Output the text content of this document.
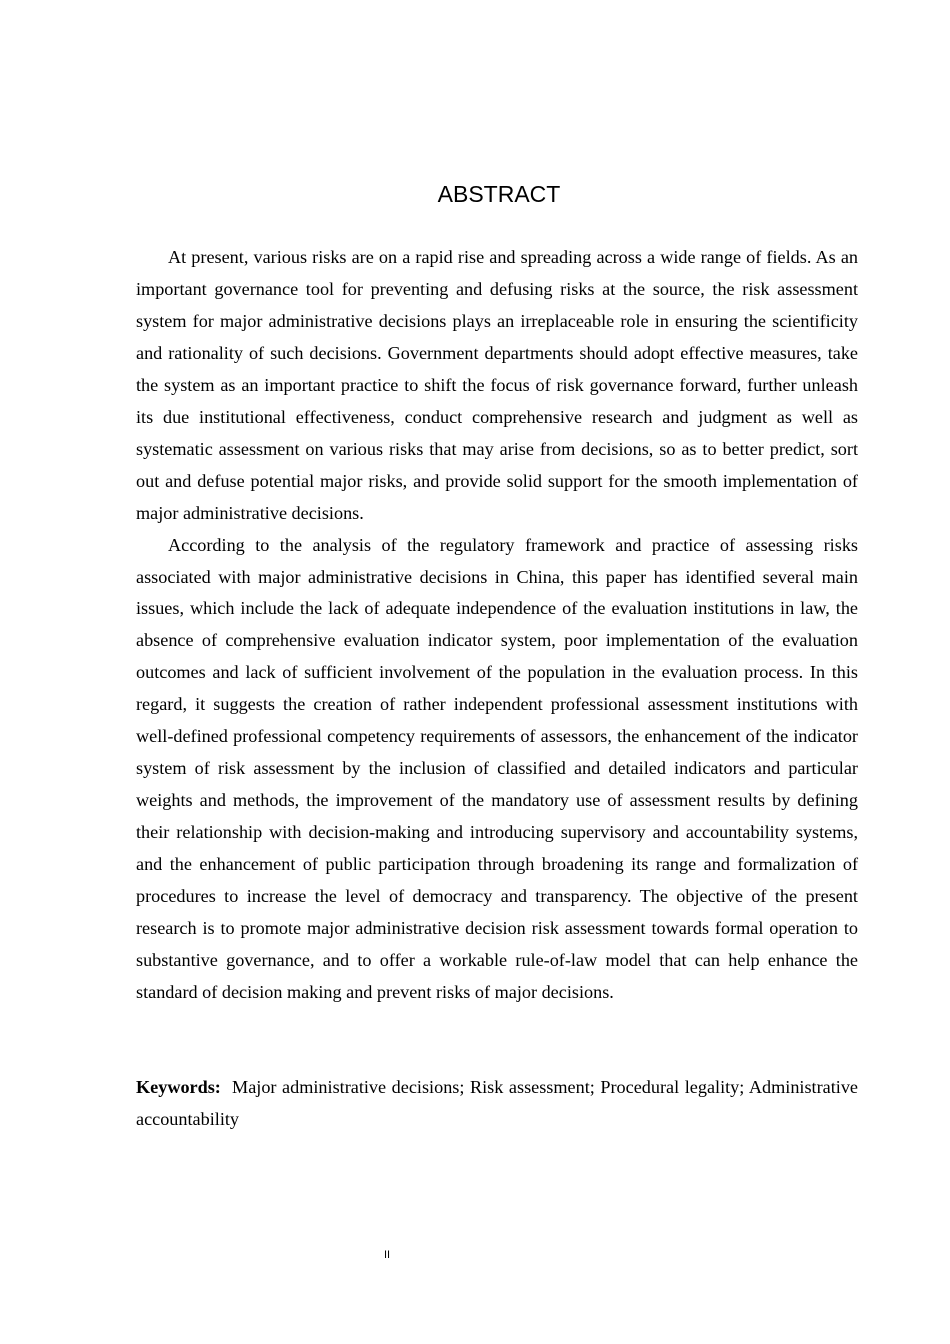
ABSTRACT

At present, various risks are on a rapid rise and spreading across a wide range of fields. As an important governance tool for preventing and defusing risks at the source, the risk assessment system for major administrative decisions plays an irreplaceable role in ensuring the scientificity and rationality of such decisions. Government departments should adopt effective measures, take the system as an important practice to shift the focus of risk governance forward, further unleash its due institutional effectiveness, conduct comprehensive research and judgment as well as systematic assessment on various risks that may arise from decisions, so as to better predict, sort out and defuse potential major risks, and provide solid support for the smooth implementation of major administrative decisions.

According to the analysis of the regulatory framework and practice of assessing risks associated with major administrative decisions in China, this paper has identified several main issues, which include the lack of adequate independence of the evaluation institutions in law, the absence of comprehensive evaluation indicator system, poor implementation of the evaluation outcomes and lack of sufficient involvement of the population in the evaluation process. In this regard, it suggests the creation of rather independent professional assessment institutions with well-defined professional competency requirements of assessors, the enhancement of the indicator system of risk assessment by the inclusion of classified and detailed indicators and particular weights and methods, the improvement of the mandatory use of assessment results by defining their relationship with decision-making and introducing supervisory and accountability systems, and the enhancement of public participation through broadening its range and formalization of procedures to increase the level of democracy and transparency. The objective of the present research is to promote major administrative decision risk assessment towards formal operation to substantive governance, and to offer a workable rule-of-law model that can help enhance the standard of decision making and prevent risks of major decisions.

Keywords: Major administrative decisions; Risk assessment; Procedural legality; Administrative accountability

II
